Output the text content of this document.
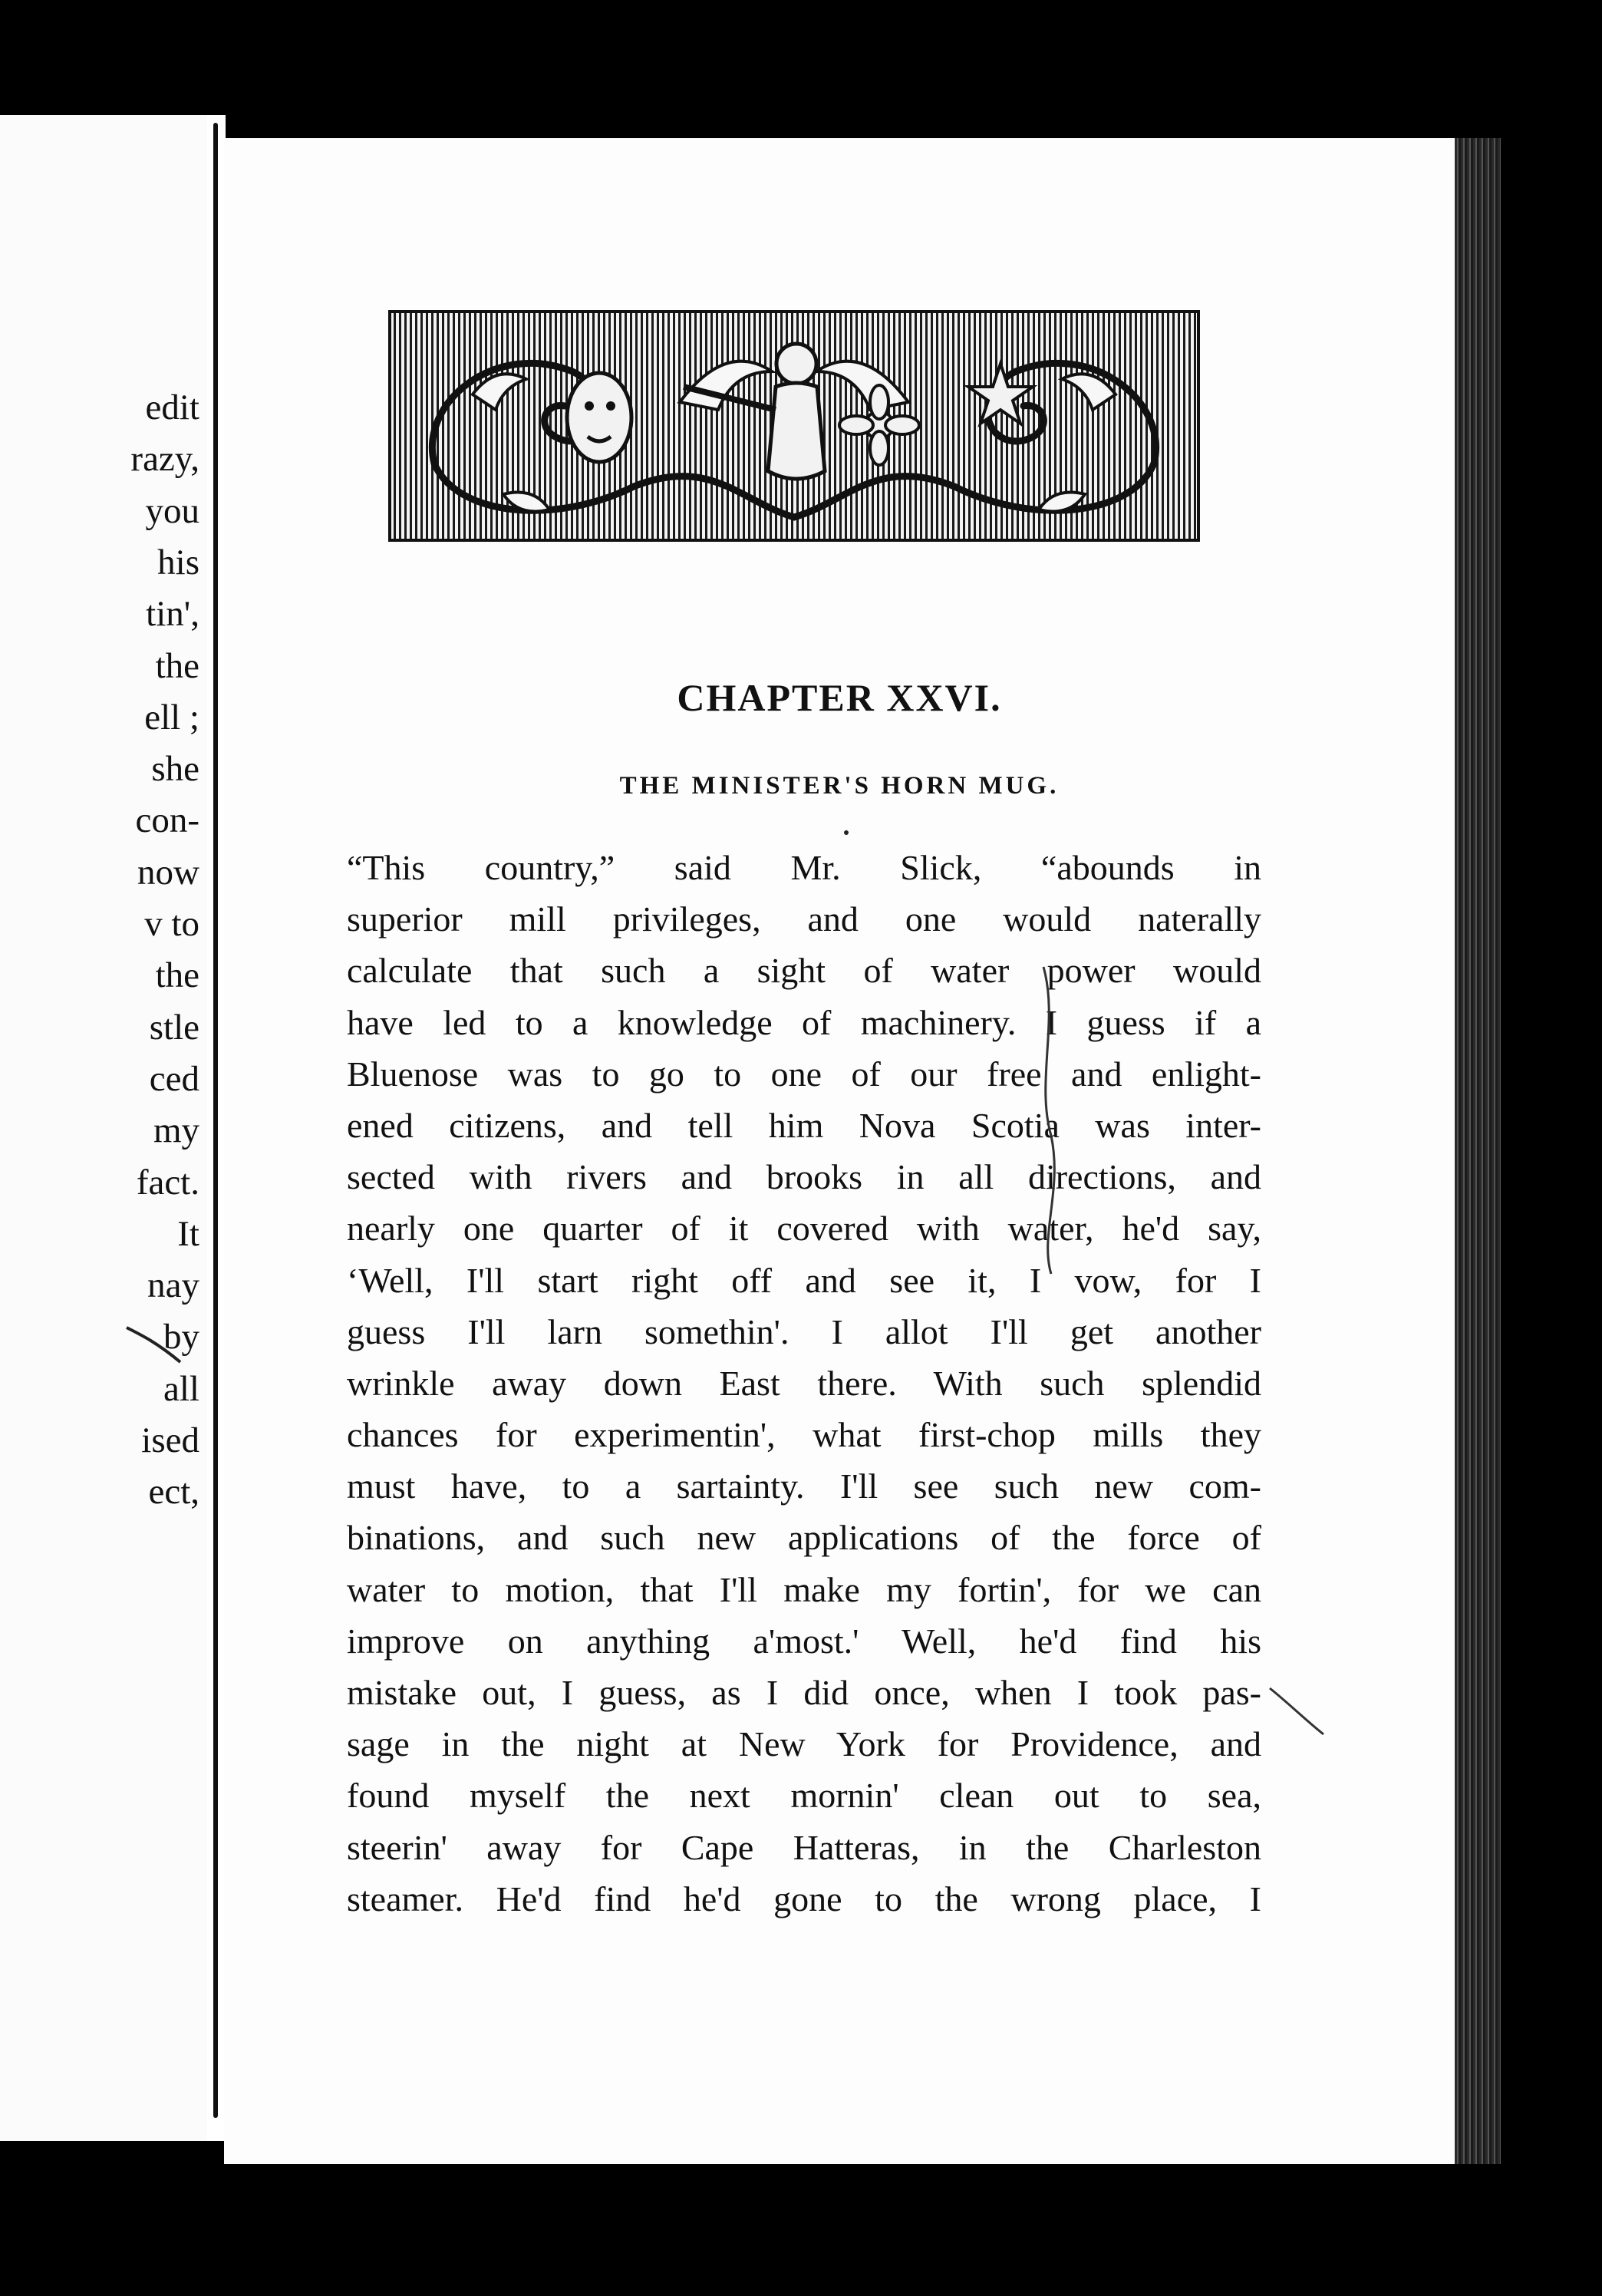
edit

razy,

you

his

tin',

the

ell ;

she

con-

now

v to

the

stle

ced

my

fact.

It

nay

by

all

ised

ect,

CHAPTER XXVI.
THE MINISTER'S HORN MUG.
“This country,” said Mr. Slick, “abounds in
superior mill privileges, and one would naterally
calculate that such a sight of water power would
have led to a knowledge of machinery. I guess if a
Bluenose was to go to one of our free and enlight-
ened citizens, and tell him Nova Scotia was inter-
sected with rivers and brooks in all directions, and
nearly one quarter of it covered with water, he'd say,
‘Well, I'll start right off and see it, I vow, for I
guess I'll larn somethin'. I allot I'll get another
wrinkle away down East there. With such splendid
chances for experimentin', what first-chop mills they
must have, to a sartainty. I'll see such new com-
binations, and such new applications of the force of
water to motion, that I'll make my fortin', for we can
improve on anything a'most.' Well, he'd find his
mistake out, I guess, as I did once, when I took pas-
sage in the night at New York for Providence, and
found myself the next mornin' clean out to sea,
steerin' away for Cape Hatteras, in the Charleston
steamer. He'd find he'd gone to the wrong place, I
